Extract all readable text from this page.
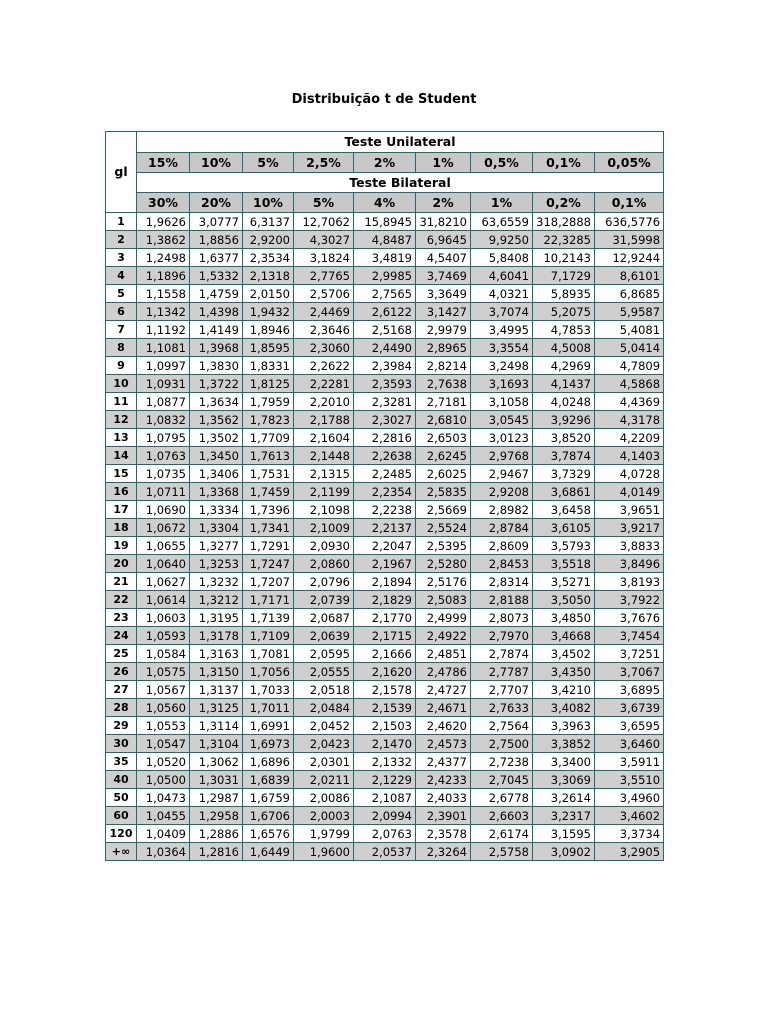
Distribuição t de Student
gl	Teste Unilateral								
	15%	10%	5%	2,5%	2%	1%	0,5%	0,1%	0,05%
	Teste Bilateral								
	30%	20%	10%	5%	4%	2%	1%	0,2%	0,1%
1	1,9626	3,0777	6,3137	12,7062	15,8945	31,8210	63,6559	318,2888	636,5776
2	1,3862	1,8856	2,9200	4,3027	4,8487	6,9645	9,9250	22,3285	31,5998
3	1,2498	1,6377	2,3534	3,1824	3,4819	4,5407	5,8408	10,2143	12,9244
4	1,1896	1,5332	2,1318	2,7765	2,9985	3,7469	4,6041	7,1729	8,6101
5	1,1558	1,4759	2,0150	2,5706	2,7565	3,3649	4,0321	5,8935	6,8685
6	1,1342	1,4398	1,9432	2,4469	2,6122	3,1427	3,7074	5,2075	5,9587
7	1,1192	1,4149	1,8946	2,3646	2,5168	2,9979	3,4995	4,7853	5,4081
8	1,1081	1,3968	1,8595	2,3060	2,4490	2,8965	3,3554	4,5008	5,0414
9	1,0997	1,3830	1,8331	2,2622	2,3984	2,8214	3,2498	4,2969	4,7809
10	1,0931	1,3722	1,8125	2,2281	2,3593	2,7638	3,1693	4,1437	4,5868
11	1,0877	1,3634	1,7959	2,2010	2,3281	2,7181	3,1058	4,0248	4,4369
12	1,0832	1,3562	1,7823	2,1788	2,3027	2,6810	3,0545	3,9296	4,3178
13	1,0795	1,3502	1,7709	2,1604	2,2816	2,6503	3,0123	3,8520	4,2209
14	1,0763	1,3450	1,7613	2,1448	2,2638	2,6245	2,9768	3,7874	4,1403
15	1,0735	1,3406	1,7531	2,1315	2,2485	2,6025	2,9467	3,7329	4,0728
16	1,0711	1,3368	1,7459	2,1199	2,2354	2,5835	2,9208	3,6861	4,0149
17	1,0690	1,3334	1,7396	2,1098	2,2238	2,5669	2,8982	3,6458	3,9651
18	1,0672	1,3304	1,7341	2,1009	2,2137	2,5524	2,8784	3,6105	3,9217
19	1,0655	1,3277	1,7291	2,0930	2,2047	2,5395	2,8609	3,5793	3,8833
20	1,0640	1,3253	1,7247	2,0860	2,1967	2,5280	2,8453	3,5518	3,8496
21	1,0627	1,3232	1,7207	2,0796	2,1894	2,5176	2,8314	3,5271	3,8193
22	1,0614	1,3212	1,7171	2,0739	2,1829	2,5083	2,8188	3,5050	3,7922
23	1,0603	1,3195	1,7139	2,0687	2,1770	2,4999	2,8073	3,4850	3,7676
24	1,0593	1,3178	1,7109	2,0639	2,1715	2,4922	2,7970	3,4668	3,7454
25	1,0584	1,3163	1,7081	2,0595	2,1666	2,4851	2,7874	3,4502	3,7251
26	1,0575	1,3150	1,7056	2,0555	2,1620	2,4786	2,7787	3,4350	3,7067
27	1,0567	1,3137	1,7033	2,0518	2,1578	2,4727	2,7707	3,4210	3,6895
28	1,0560	1,3125	1,7011	2,0484	2,1539	2,4671	2,7633	3,4082	3,6739
29	1,0553	1,3114	1,6991	2,0452	2,1503	2,4620	2,7564	3,3963	3,6595
30	1,0547	1,3104	1,6973	2,0423	2,1470	2,4573	2,7500	3,3852	3,6460
35	1,0520	1,3062	1,6896	2,0301	2,1332	2,4377	2,7238	3,3400	3,5911
40	1,0500	1,3031	1,6839	2,0211	2,1229	2,4233	2,7045	3,3069	3,5510
50	1,0473	1,2987	1,6759	2,0086	2,1087	2,4033	2,6778	3,2614	3,4960
60	1,0455	1,2958	1,6706	2,0003	2,0994	2,3901	2,6603	3,2317	3,4602
120	1,0409	1,2886	1,6576	1,9799	2,0763	2,3578	2,6174	3,1595	3,3734
+∞	1,0364	1,2816	1,6449	1,9600	2,0537	2,3264	2,5758	3,0902	3,2905
